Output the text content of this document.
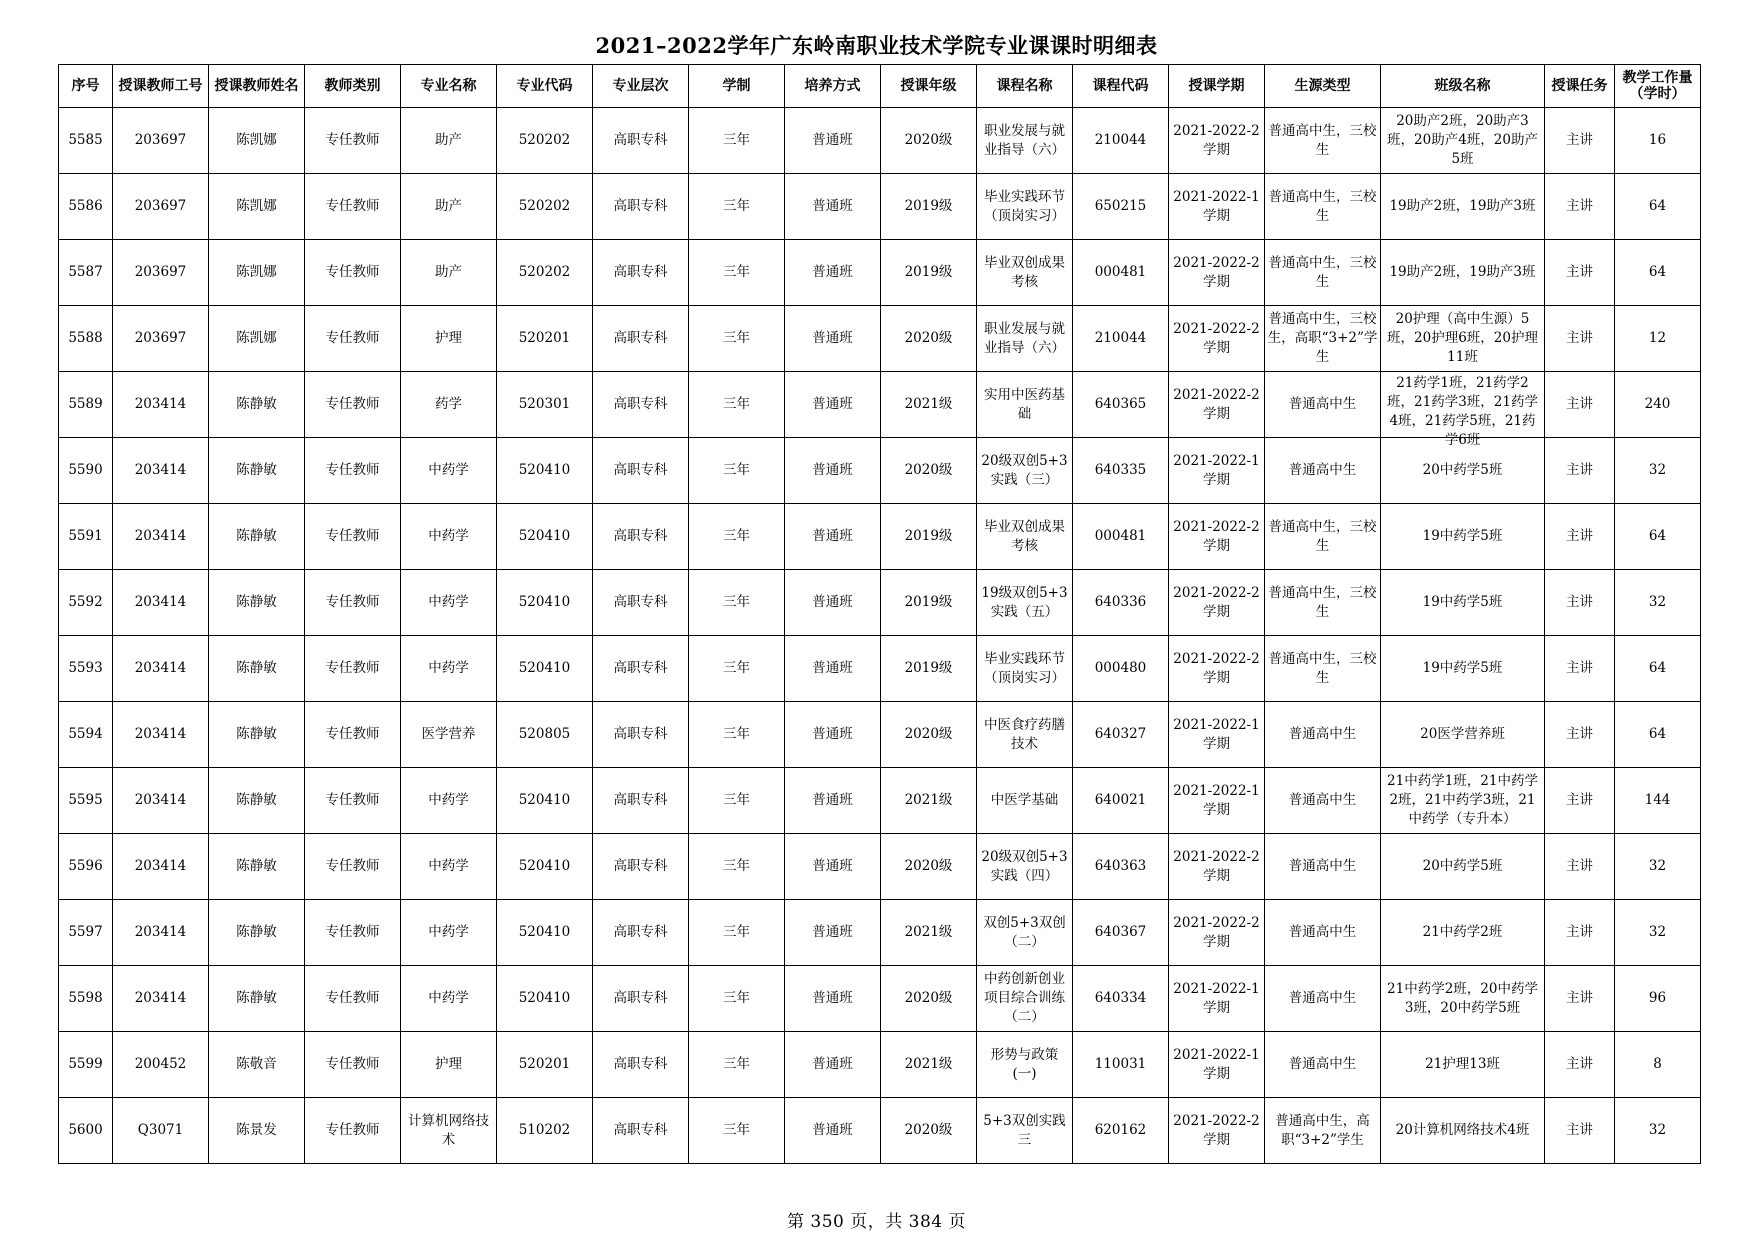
2021–2022学年广东岭南职业技术学院专业课课时明细表
序号	授课教师工号	授课教师姓名	教师类别	专业名称	专业代码	专业层次	学制	培养方式	授课年级	课程名称	课程代码	授课学期	生源类型	班级名称	授课任务	教学工作量（学时）

5585	203697	陈凯娜	专任教师	助产	520202	高职专科	三年	普通班	2020级	职业发展与就业指导（六）	210044	2021-2022-2学期	普通高中生，三校生	20助产2班，20助产3班，20助产4班，20助产5班	主讲	16

5586	203697	陈凯娜	专任教师	助产	520202	高职专科	三年	普通班	2019级	毕业实践环节（顶岗实习）	650215	2021-2022-1学期	普通高中生，三校生	19助产2班，19助产3班	主讲	64

5587	203697	陈凯娜	专任教师	助产	520202	高职专科	三年	普通班	2019级	毕业双创成果考核	000481	2021-2022-2学期	普通高中生，三校生	19助产2班，19助产3班	主讲	64

5588	203697	陈凯娜	专任教师	护理	520201	高职专科	三年	普通班	2020级	职业发展与就业指导（六）	210044	2021-2022-2学期	普通高中生，三校生，高职“3+2”学生	20护理（高中生源）5班，20护理6班，20护理11班	主讲	12

5589	203414	陈静敏	专任教师	药学	520301	高职专科	三年	普通班	2021级	实用中医药基础	640365	2021-2022-2学期	普通高中生	21药学1班，21药学2班，21药学3班，21药学4班，21药学5班，21药学6班	主讲	240

5590	203414	陈静敏	专任教师	中药学	520410	高职专科	三年	普通班	2020级	20级双创5+3实践（三）	640335	2021-2022-1学期	普通高中生	20中药学5班	主讲	32

5591	203414	陈静敏	专任教师	中药学	520410	高职专科	三年	普通班	2019级	毕业双创成果考核	000481	2021-2022-2学期	普通高中生，三校生	19中药学5班	主讲	64

5592	203414	陈静敏	专任教师	中药学	520410	高职专科	三年	普通班	2019级	19级双创5+3实践（五）	640336	2021-2022-2学期	普通高中生，三校生	19中药学5班	主讲	32

5593	203414	陈静敏	专任教师	中药学	520410	高职专科	三年	普通班	2019级	毕业实践环节（顶岗实习）	000480	2021-2022-2学期	普通高中生，三校生	19中药学5班	主讲	64

5594	203414	陈静敏	专任教师	医学营养	520805	高职专科	三年	普通班	2020级	中医食疗药膳技术	640327	2021-2022-1学期	普通高中生	20医学营养班	主讲	64

5595	203414	陈静敏	专任教师	中药学	520410	高职专科	三年	普通班	2021级	中医学基础	640021	2021-2022-1学期	普通高中生	21中药学1班，21中药学2班，21中药学3班，21中药学（专升本）	主讲	144

5596	203414	陈静敏	专任教师	中药学	520410	高职专科	三年	普通班	2020级	20级双创5+3实践（四）	640363	2021-2022-2学期	普通高中生	20中药学5班	主讲	32

5597	203414	陈静敏	专任教师	中药学	520410	高职专科	三年	普通班	2021级	双创5+3双创（二）	640367	2021-2022-2学期	普通高中生	21中药学2班	主讲	32

5598	203414	陈静敏	专任教师	中药学	520410	高职专科	三年	普通班	2020级	中药创新创业项目综合训练（二）	640334	2021-2022-1学期	普通高中生	21中药学2班，20中药学3班，20中药学5班	主讲	96

5599	200452	陈敬音	专任教师	护理	520201	高职专科	三年	普通班	2021级	形势与政策(一)	110031	2021-2022-1学期	普通高中生	21护理13班	主讲	8

5600	Q3071	陈景发	专任教师	计算机网络技术	510202	高职专科	三年	普通班	2020级	5+3双创实践三	620162	2021-2022-2学期	普通高中生，高职“3+2”学生	20计算机网络技术4班	主讲	32
第 350 页，共 384 页
